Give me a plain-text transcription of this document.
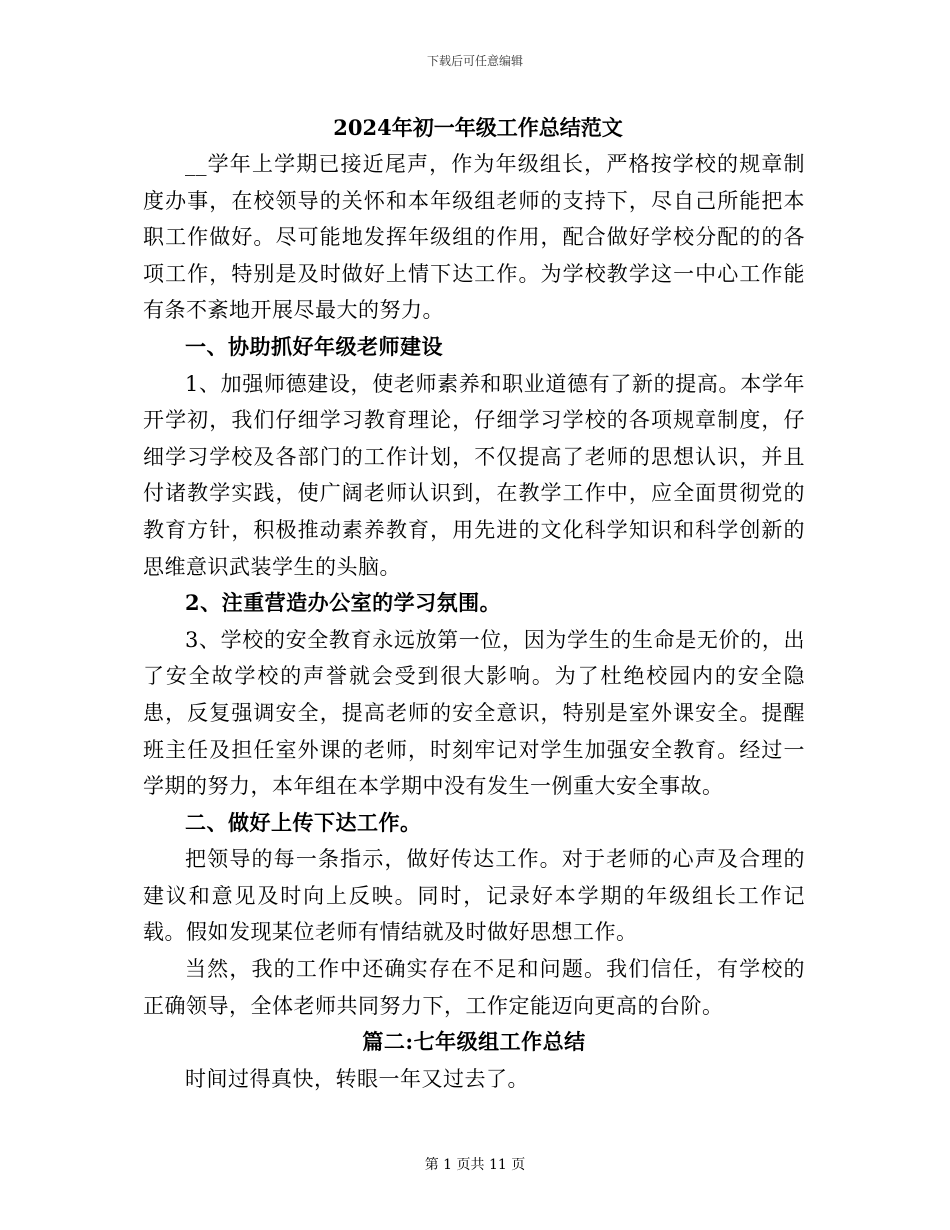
下载后可任意编辑
2024年初一年级工作总结范文

__学年上学期已接近尾声，作为年级组长，严格按学校的规章制度办事，在校领导的关怀和本年级组老师的支持下，尽自己所能把本职工作做好。尽可能地发挥年级组的作用，配合做好学校分配的的各项工作，特别是及时做好上情下达工作。为学校教学这一中心工作能有条不紊地开展尽最大的努力。

一、协助抓好年级老师建设

1、加强师德建设，使老师素养和职业道德有了新的提高。本学年开学初，我们仔细学习教育理论，仔细学习学校的各项规章制度，仔细学习学校及各部门的工作计划，不仅提高了老师的思想认识，并且付诸教学实践，使广阔老师认识到，在教学工作中，应全面贯彻党的教育方针，积极推动素养教育，用先进的文化科学知识和科学创新的思维意识武装学生的头脑。

2、注重营造办公室的学习氛围。

3、学校的安全教育永远放第一位，因为学生的生命是无价的，出了安全故学校的声誉就会受到很大影响。为了杜绝校园内的安全隐患，反复强调安全，提高老师的安全意识，特别是室外课安全。提醒班主任及担任室外课的老师，时刻牢记对学生加强安全教育。经过一学期的努力，本年组在本学期中没有发生一例重大安全事故。

二、做好上传下达工作。

把领导的每一条指示，做好传达工作。对于老师的心声及合理的建议和意见及时向上反映。同时，记录好本学期的年级组长工作记载。假如发现某位老师有情结就及时做好思想工作。

当然，我的工作中还确实存在不足和问题。我们信任，有学校的正确领导，全体老师共同努力下，工作定能迈向更高的台阶。

篇二:七年级组工作总结

时间过得真快，转眼一年又过去了。

第 1 页共 11 页
